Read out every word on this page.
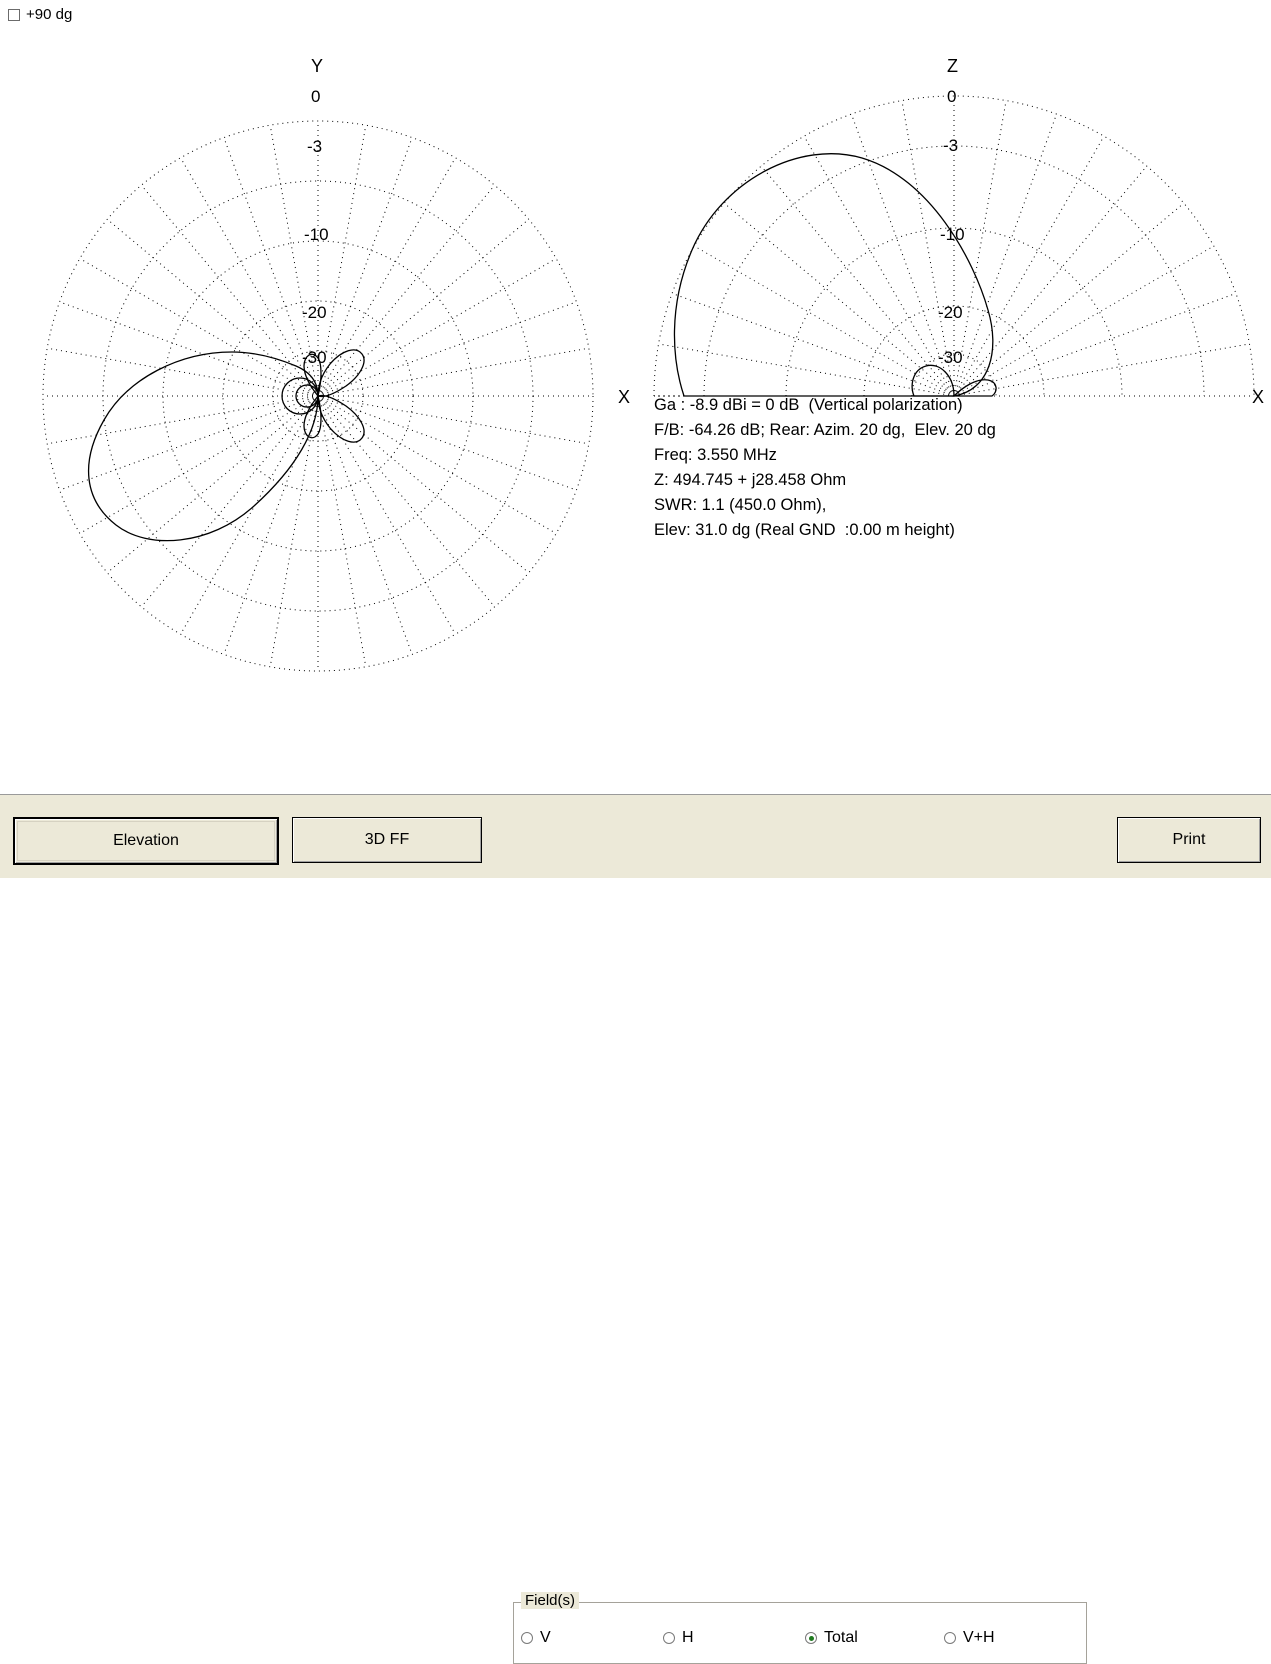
Y
X
0
-3
-10
-20
-30
Z
X
0
-3
-10
-20
-30
+90 dg
Ga : -8.9 dBi = 0 dB  (Vertical polarization)
F/B: -64.26 dB; Rear: Azim. 20 dg,  Elev. 20 dg
Freq: 3.550 MHz
Z: 494.745 + j28.458 Ohm
SWR: 1.1 (450.0 Ohm),
Elev: 31.0 dg (Real GND  :0.00 m height)
Elevation	3D FF
Field(s)
V	H	Total	V+H
Print
